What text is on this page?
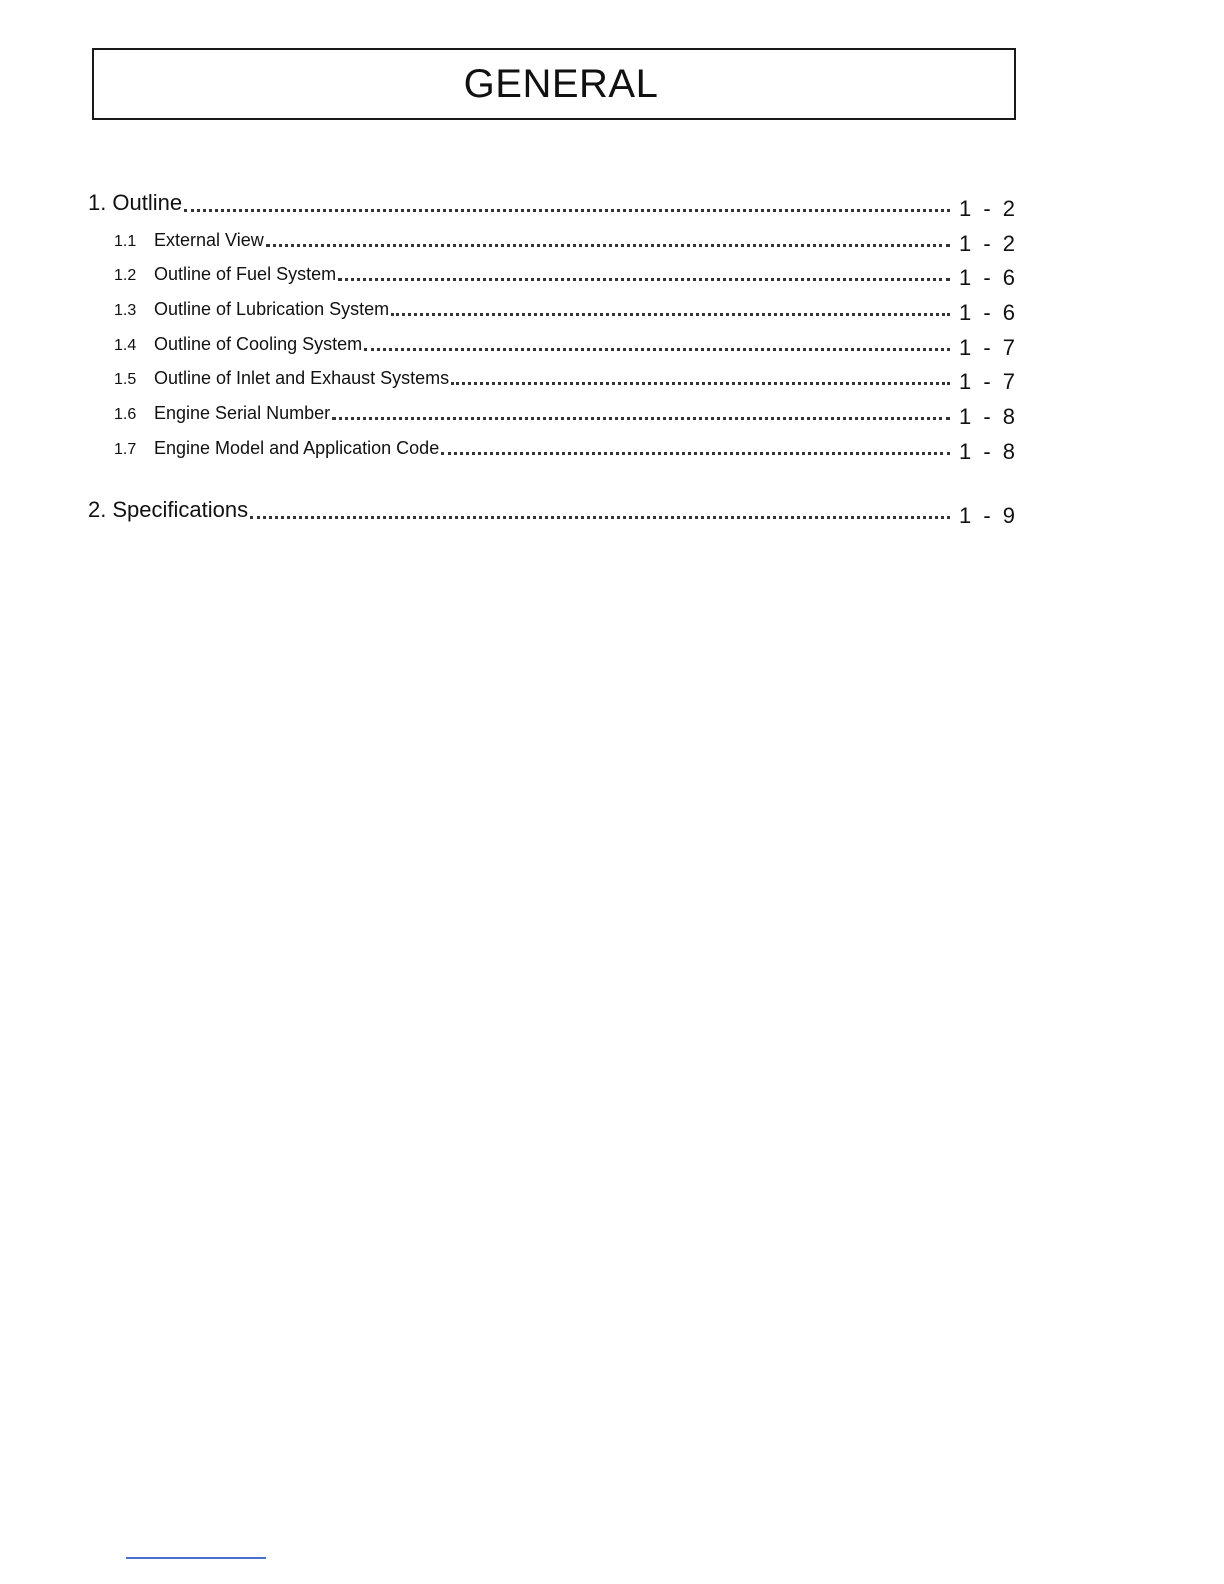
GENERAL
1. Outline	1 - 2
1.1 External View	1 - 2
1.2 Outline of Fuel System	1 - 6
1.3 Outline of Lubrication System	1 - 6
1.4 Outline of Cooling System	1 - 7
1.5 Outline of Inlet and Exhaust Systems	1 - 7
1.6 Engine Serial Number	1 - 8
1.7 Engine Model and Application Code	1 - 8
2. Specifications	1 - 9
